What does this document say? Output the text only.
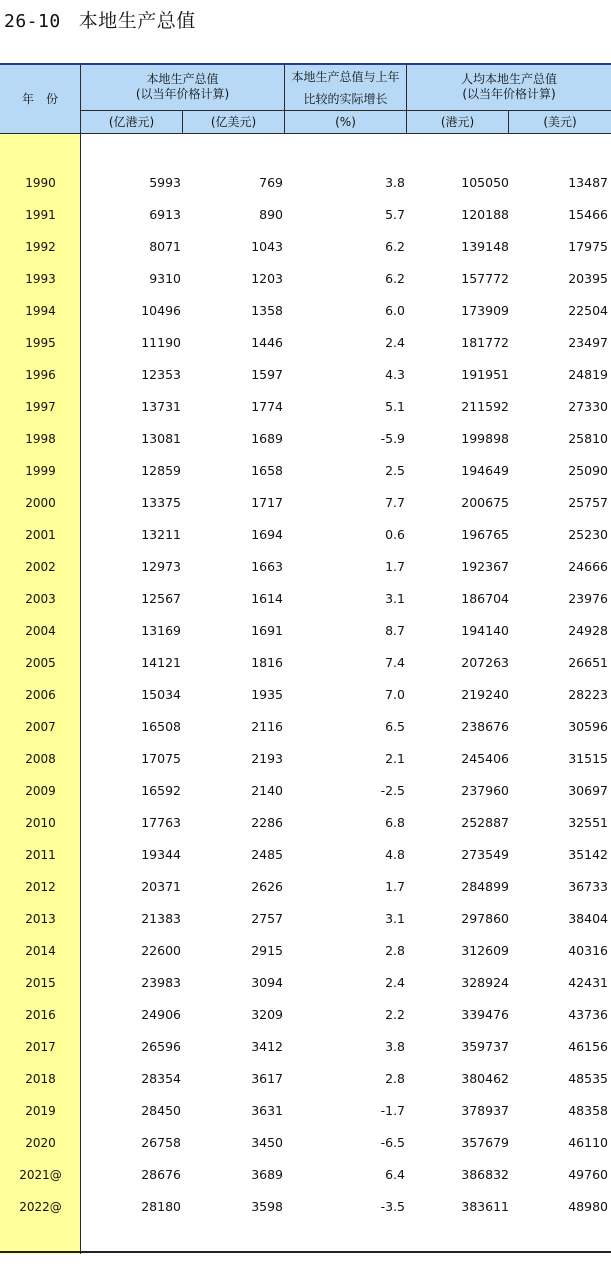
26-10 本地生产总值
年　份
本地生产总值
(以当年价格计算)
(亿港元)	(亿美元)
本地生产总值与上年
比较的实际增长
(%)
人均本地生产总值
(以当年价格计算)
(港元)	(美元)
1990	5993	769	3.8	105050	13487
1991	6913	890	5.7	120188	15466
1992	8071	1043	6.2	139148	17975
1993	9310	1203	6.2	157772	20395
1994	10496	1358	6.0	173909	22504
1995	11190	1446	2.4	181772	23497
1996	12353	1597	4.3	191951	24819
1997	13731	1774	5.1	211592	27330
1998	13081	1689	-5.9	199898	25810
1999	12859	1658	2.5	194649	25090
2000	13375	1717	7.7	200675	25757
2001	13211	1694	0.6	196765	25230
2002	12973	1663	1.7	192367	24666
2003	12567	1614	3.1	186704	23976
2004	13169	1691	8.7	194140	24928
2005	14121	1816	7.4	207263	26651
2006	15034	1935	7.0	219240	28223
2007	16508	2116	6.5	238676	30596
2008	17075	2193	2.1	245406	31515
2009	16592	2140	-2.5	237960	30697
2010	17763	2286	6.8	252887	32551
2011	19344	2485	4.8	273549	35142
2012	20371	2626	1.7	284899	36733
2013	21383	2757	3.1	297860	38404
2014	22600	2915	2.8	312609	40316
2015	23983	3094	2.4	328924	42431
2016	24906	3209	2.2	339476	43736
2017	26596	3412	3.8	359737	46156
2018	28354	3617	2.8	380462	48535
2019	28450	3631	-1.7	378937	48358
2020	26758	3450	-6.5	357679	46110
2021@	28676	3689	6.4	386832	49760
2022@	28180	3598	-3.5	383611	48980
